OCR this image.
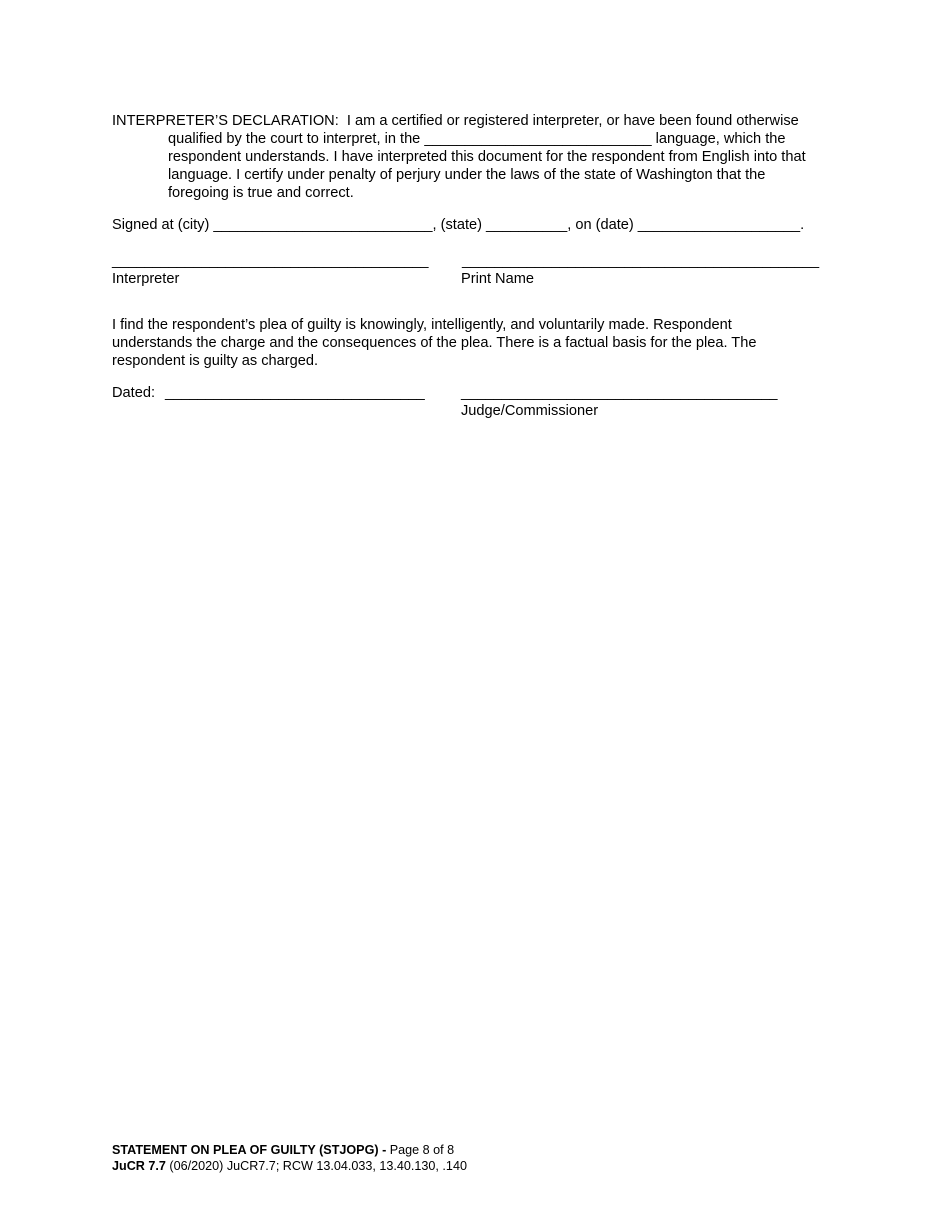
INTERPRETER’S DECLARATION: I am a certified or registered interpreter, or have been found otherwise
qualified by the court to interpret, in the ____________________________ language, which the
respondent understands. I have interpreted this document for the respondent from English into that
language. I certify under penalty of perjury under the laws of the state of Washington that the
foregoing is true and correct.
Signed at (city) ___________________________, (state) __________, on (date) ____________________.
_______________________________________ ____________________________________________
Interpreter	Print Name
I find the respondent’s plea of guilty is knowingly, intelligently, and voluntarily made. Respondent
understands the charge and the consequences of the plea. There is a factual basis for the plea. The
respondent is guilty as charged.
Dated: ________________________________ _______________________________________
Judge/Commissioner
STATEMENT ON PLEA OF GUILTY (STJOPG) - Page 8 of 8
JuCR 7.7 (06/2020) JuCR7.7; RCW 13.04.033, 13.40.130, .140
